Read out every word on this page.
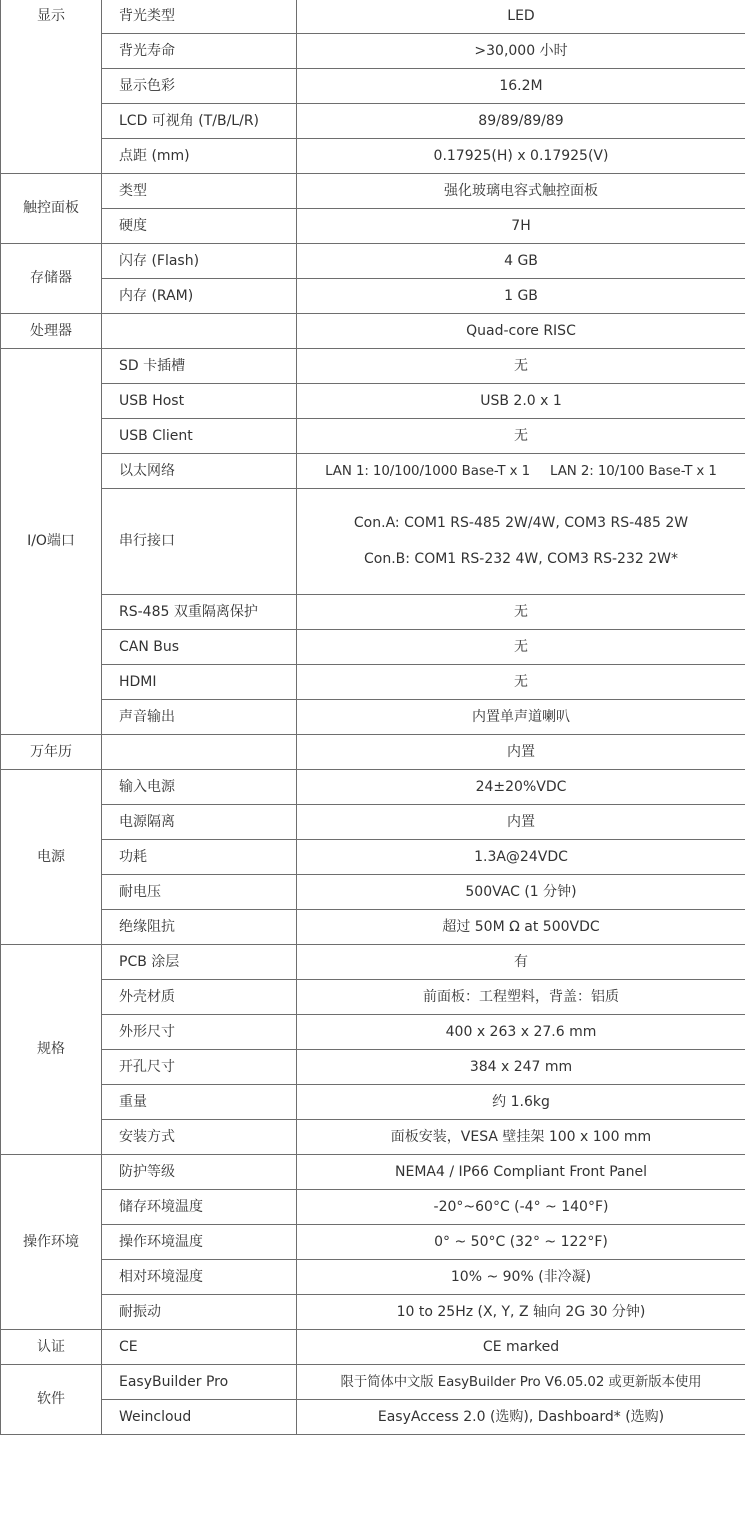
显示	背光类型	LED
	背光寿命	>30,000 小时
	显示色彩	16.2M
	LCD 可视角 (T/B/L/R)	89/89/89/89
	点距 (mm)	0.17925(H) x 0.17925(V)
触控面板	类型	强化玻璃电容式触控面板
	硬度	7H
存储器	闪存 (Flash)	4 GB
	内存 (RAM)	1 GB
处理器		Quad-core RISC
I/O端口	SD 卡插槽	无
	USB Host	USB 2.0 x 1
	USB Client	无
	以太网络	LAN 1: 10/100/1000 Base-T x 1 LAN 2: 10/100 Base-T x 1
	串行接口	Con.A: COM1 RS-485 2W/4W, COM3 RS-485 2W
Con.B: COM1 RS-232 4W, COM3 RS-232 2W*

	RS-485 双重隔离保护	无
	CAN Bus	无
	HDMI	无
	声音输出	内置单声道喇叭
万年历		内置
电源	输入电源	24±20%VDC
	电源隔离	内置
	功耗	1.3A@24VDC
	耐电压	500VAC (1 分钟)
	绝缘阻抗	超过 50M Ω at 500VDC
规格	PCB 涂层	有
	外壳材质	前面板：工程塑料，背盖：铝质
	外形尺寸	400 x 263 x 27.6 mm
	开孔尺寸	384 x 247 mm
	重量	约 1.6kg
	安装方式	面板安装，VESA 壁挂架 100 x 100 mm
操作环境	防护等级	NEMA4 / IP66 Compliant Front Panel
	储存环境温度	-20°~60°C (-4° ~ 140°F)
	操作环境温度	0° ~ 50°C (32° ~ 122°F)
	相对环境湿度	10% ~ 90% (非冷凝)
	耐振动	10 to 25Hz (X, Y, Z 轴向 2G 30 分钟)
认证	CE	CE marked
软件	EasyBuilder Pro	限于简体中文版 EasyBuilder Pro V6.05.02 或更新版本使用
	Weincloud	EasyAccess 2.0 (选购), Dashboard* (选购)
